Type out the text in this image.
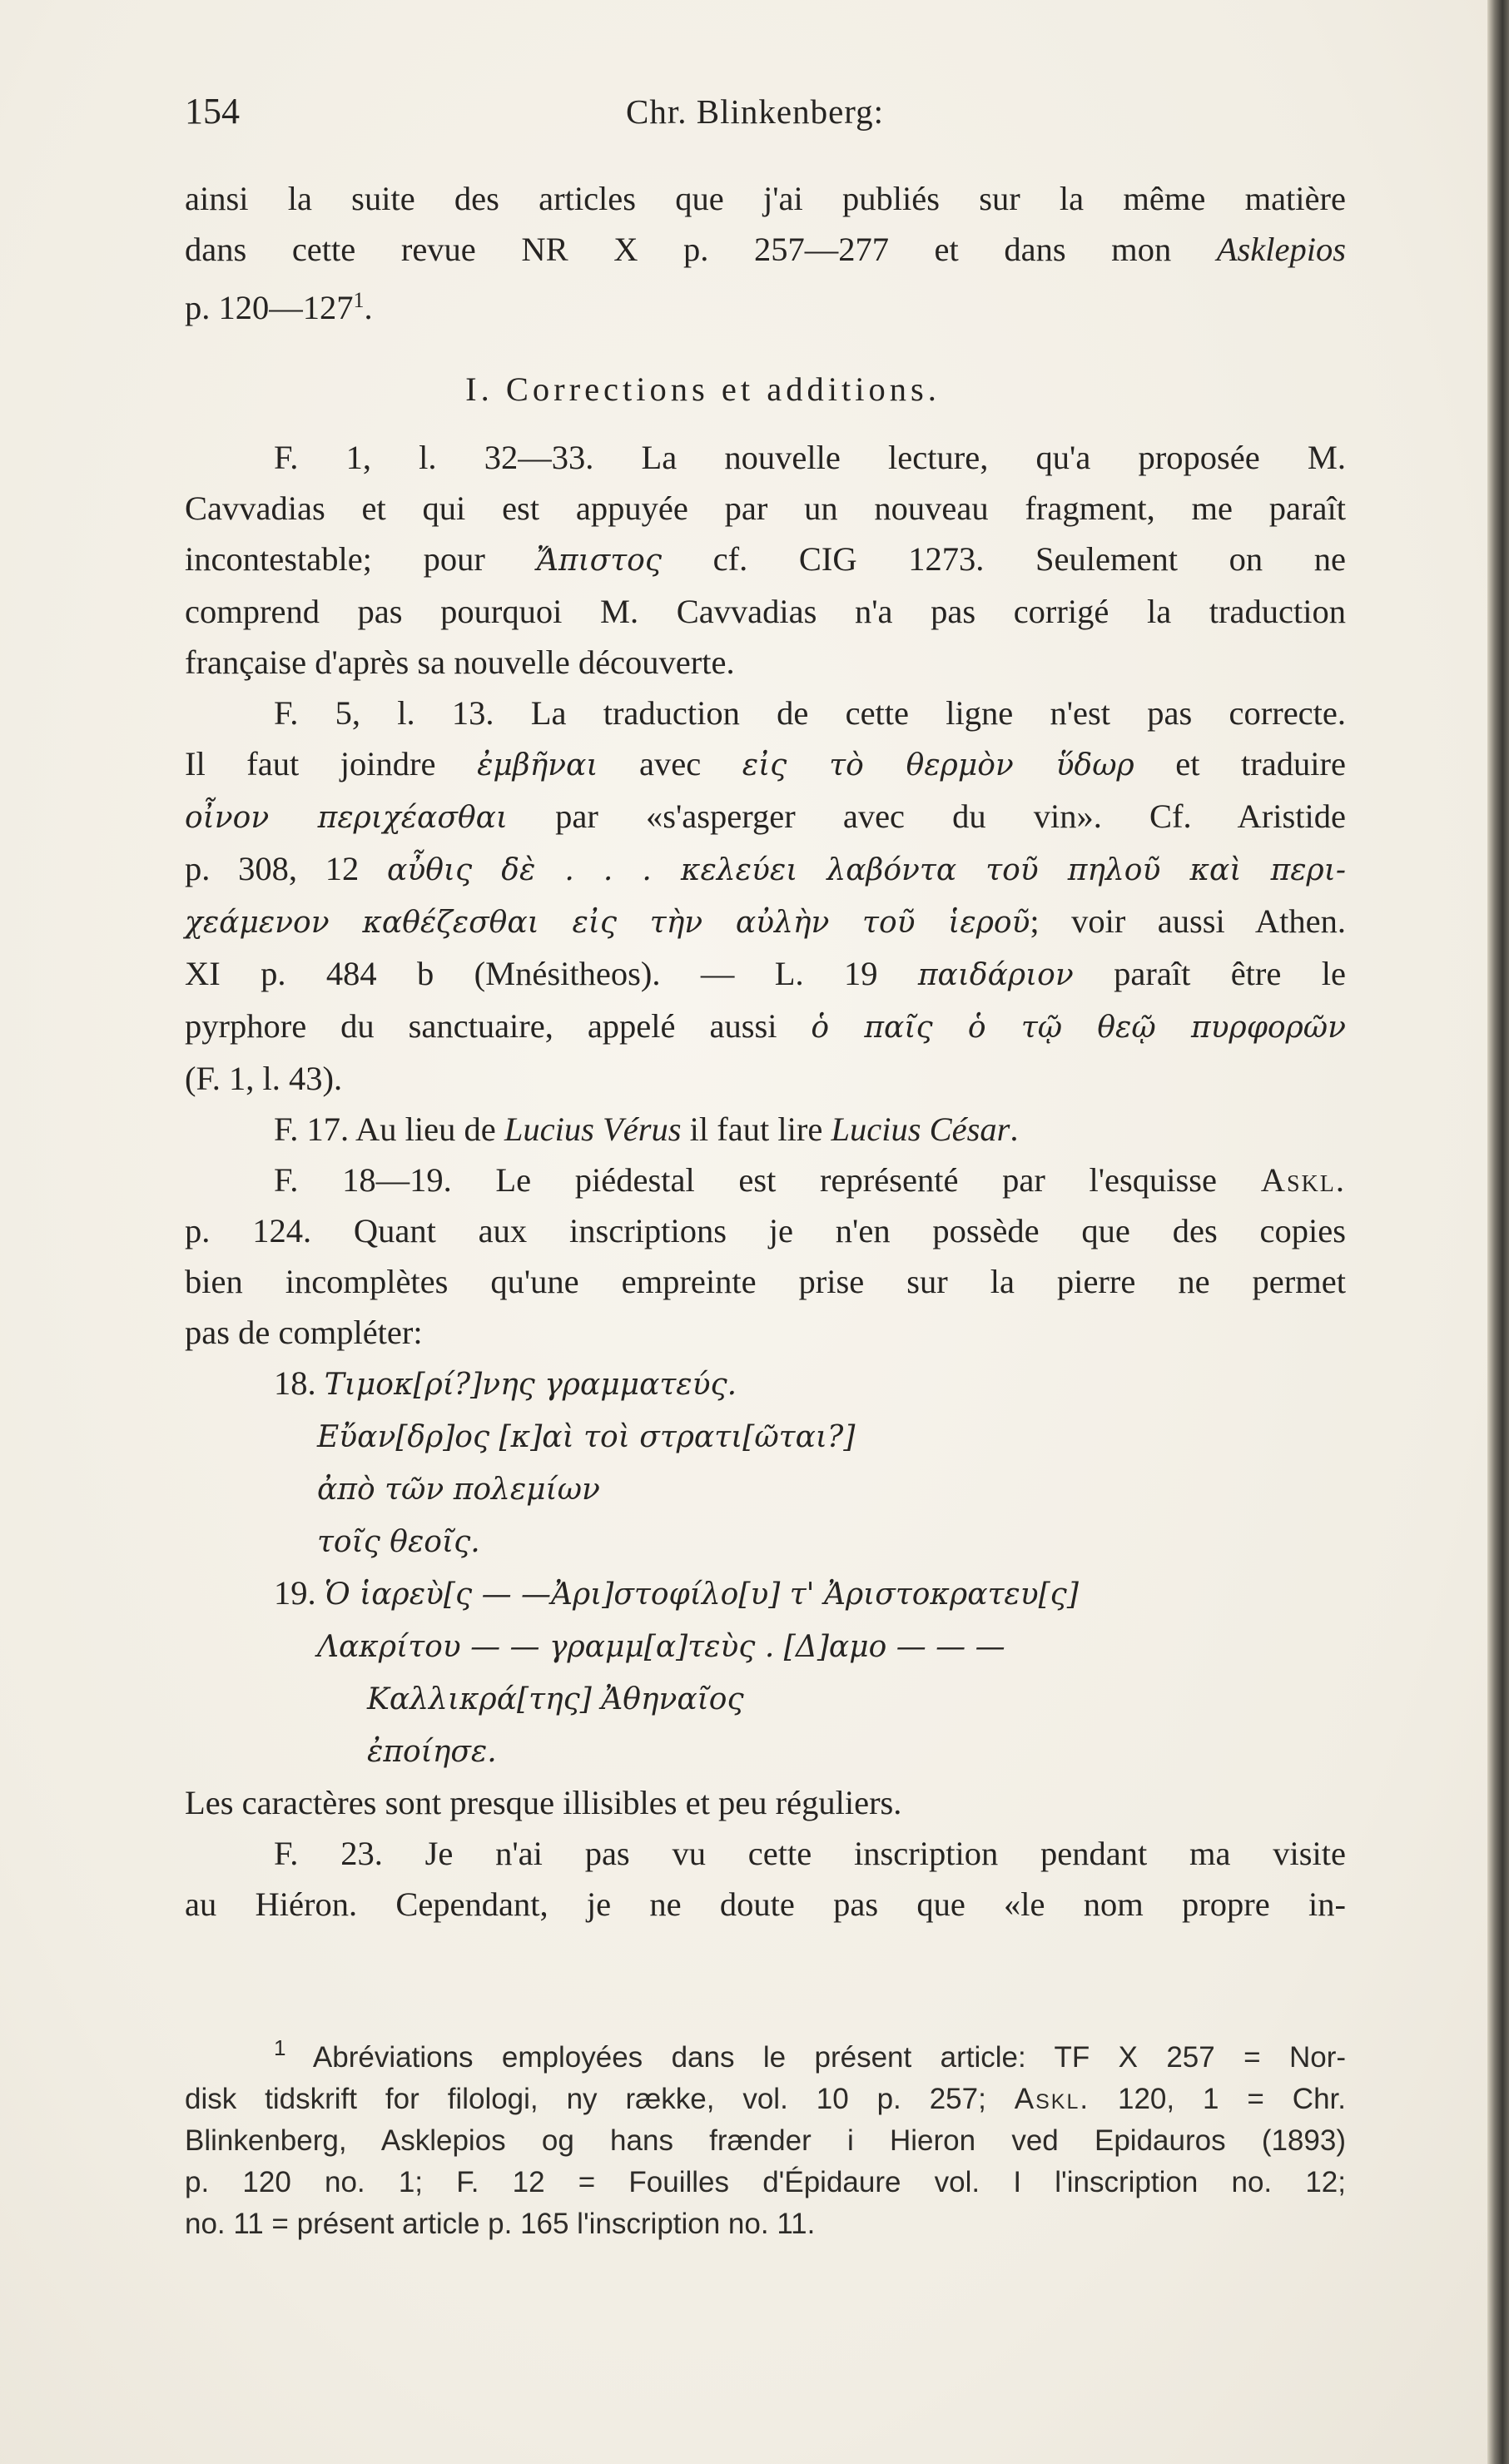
154	Chr. Blinkenberg:

ainsi la suite des articles que j'ai publiés sur la même matière
dans cette revue NR X p. 257—277 et dans mon Asklepios
p. $120—127^1$.

I. Corrections et additions.

F. 1, l. 32—33. La nouvelle lecture, qu'a proposée M.
Cavvadias et qui est appuyée par un nouveau fragment, me paraît
incontestable; pour Ἄπιστος cf. CIG 1273. Seulement on ne
comprend pas pourquoi M. Cavvadias n'a pas corrigé la traduction
française d'après sa nouvelle découverte.

F. 5, l. 13. La traduction de cette ligne n'est pas correcte.
Il faut joindre ἐμβῆναι avec εἰς τὸ θερμὸν ὕδωρ et traduire
οἶνον περιχέασθαι par «s'asperger avec du vin». Cf. Aristide
p. 308, 12 αὖθις δὲ . . . κελεύει λαβόντα τοῦ πηλοῦ καὶ περι-
χεάμενον καθέζεσθαι εἰς τὴν αὐλὴν τοῦ ἱεροῦ; voir aussi Athen.
XI p. 484 b (Mnésitheos). — L. 19 παιδάριον paraît être le
pyrphore du sanctuaire, appelé aussi ὁ παῖς ὁ τῷ θεῷ πυρφορῶν
(F. 1, l. 43).

F. 17. Au lieu de Lucius Vérus il faut lire Lucius César.

F. 18—19. Le piédestal est représenté par l'esquisse Askl.
p. 124. Quant aux inscriptions je n'en possède que des copies
bien incomplètes qu'une empreinte prise sur la pierre ne permet
pas de compléter:

18. Τιμοκ[ρί?]νης γραμματεύς.
Εὔαν[δρ]ος [κ]αὶ τοὶ στρατι[ῶται?]
ἀπὸ τῶν πολεμίων
τοῖς θεοῖς.
19. Ὁ ἱαρεὺ[ς — —Ἀρι]στοφίλο[υ] τ' Ἀριστοκρατευ[ς]
Λακρίτου — — γραμμ[α]τεὺς . [Δ]αμο — — —
Καλλικρά[της] Ἀθηναῖος
ἐποίησε.

Les caractères sont presque illisibles et peu réguliers.

F. 23. Je n'ai pas vu cette inscription pendant ma visite
au Hiéron. Cependant, je ne doute pas que «le nom propre in-

$^1$ Abréviations employées dans le présent article: TF X 257 = Nor-
disk tidskrift for filologi, ny række, vol. 10 p. 257; Askl. 120, 1 = Chr.
Blinkenberg, Asklepios og hans frænder i Hieron ved Epidauros (1893)
p. 120 no. 1; F. 12 = Fouilles d'Épidaure vol. I l'inscription no. 12;
no. 11 = présent article p. 165 l'inscription no. 11.
